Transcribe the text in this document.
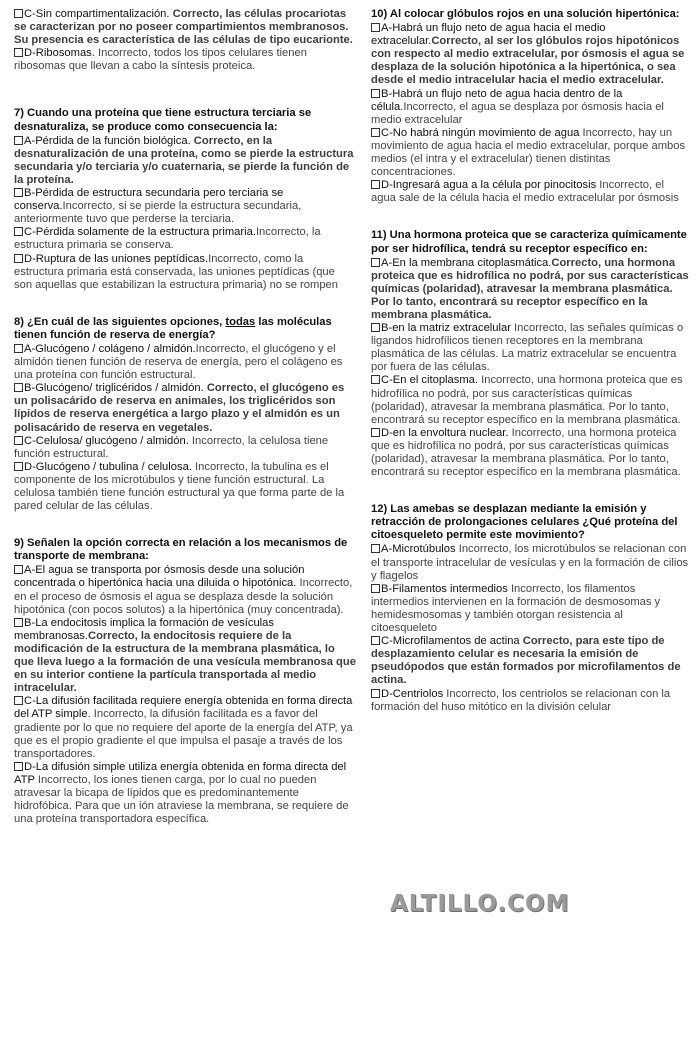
C-Sin compartimentalización. Correcto, las células procariotas se caracterizan por no poseer compartimientos membranosos. Su presencia es característica de las células de tipo eucarionte.
D-Ribosomas. Incorrecto, todos los tipos celulares tienen ribosomas que llevan a cabo la síntesis proteica.
7) Cuando una proteína que tiene estructura terciaria se desnaturaliza, se produce como consecuencia la:
A-Pérdida de la función biológica. Correcto, en la desnaturalización de una proteína, como se pierde la estructura secundaria y/o terciaria y/o cuaternaria, se pierde la función de la proteína.
B-Pérdida de estructura secundaria pero terciaria se conserva.Incorrecto, si se pierde la estructura secundaria, anteriormente tuvo que perderse la terciaria.
C-Pérdida solamente de la estructura primaria.Incorrecto, la estructura primaria se conserva.
D-Ruptura de las uniones peptídicas.Incorrecto, como la estructura primaria está conservada, las uniones peptídicas (que son aquellas que estabilizan la estructura primaria) no se rompen
8) ¿En cuál de las siguientes opciones, todas las moléculas tienen función de reserva de energía?
A-Glucógeno / colágeno / almidón.Incorrecto, el glucógeno y el almidón tienen función de reserva de energía, pero el colágeno es una proteína con función estructural.
B-Glucógeno/ triglicéridos / almidón. Correcto, el glucógeno es un polisacárido de reserva en animales, los triglicéridos son lípidos de reserva energética a largo plazo y el almidón es un polisacárido de reserva en vegetales.
C-Celulosa/ glucógeno / almidón. Incorrecto, la celulosa tiene función estructural.
D-Glucógeno / tubulina / celulosa. Incorrecto, la tubulina es el componente de los microtúbulos y tiene función estructural. La celulosa también tiene función estructural ya que forma parte de la pared celular de las células.
9) Señalen la opción correcta en relación a los mecanismos de transporte de membrana:
A-El agua se transporta por ósmosis desde una solución concentrada o hipertónica hacia una diluida o hipotónica. Incorrecto, en el proceso de ósmosis el agua se desplaza desde la solución hipotónica (con pocos solutos) a la hipertónica (muy concentrada).
B-La endocitosis implica la formación de vesículas membranosas.Correcto, la endocitosis requiere de la modificación de la estructura de la membrana plasmática, lo que lleva luego a la formación de una vesícula membranosa que en su interior contiene la partícula transportada al medio intracelular.
C-La difusión facilitada requiere energía obtenida en forma directa del ATP simple. Incorrecto, la difusión facilitada es a favor del gradiente por lo que no requiere del aporte de la energía del ATP, ya que es el propio gradiente el que impulsa el pasaje a través de los transportadores.
D-La difusión simple utiliza energía obtenida en forma directa del ATP Incorrecto, los iones tienen carga, por lo cual no pueden atravesar la bicapa de lípidos que es predominantemente hidrofóbica. Para que un ión atraviese la membrana, se requiere de una proteína transportadora específica.
10) Al colocar glóbulos rojos en una solución hipertónica:
A-Habrá un flujo neto de agua hacia el medio extracelular.Correcto, al ser los glóbulos rojos hipotónicos con respecto al medio extracelular, por ósmosis el agua se desplaza de la solución hipotónica a la hipertónica, o sea desde el medio intracelular hacia el medio extracelular.
B-Habrá un flujo neto de agua hacia dentro de la célula.Incorrecto, el agua se desplaza por ósmosis hacia el medio extracelular
C-No habrá ningún movimiento de agua Incorrecto, hay un movimiento de agua hacia el medio extracelular, porque ambos medios (el intra y el extracelular) tienen distintas concentraciones.
D-Ingresará agua a la célula por pinocitosis Incorrecto, el agua sale de la célula hacia el medio extracelular por ósmosis
11) Una hormona proteica que se caracteriza químicamente por ser hidrofílica, tendrá su receptor específico en:
A-En la membrana citoplasmática.Correcto, una hormona proteica que es hidrofílica no podrá, por sus características químicas (polaridad), atravesar la membrana plasmática. Por lo tanto, encontrará su receptor específico en la membrana plasmática.
B-en la matriz extracelular Incorrecto, las señales químicas o ligandos hidrofílicos tienen receptores en la membrana plasmática de las células. La matriz extracelular se encuentra por fuera de las células.
C-En el citoplasma. Incorrecto, una hormona proteica que es hidrofílica no podrá, por sus características químicas (polaridad), atravesar la membrana plasmática. Por lo tanto, encontrará su receptor específico en la membrana plasmática.
D-en la envoltura nuclear. Incorrecto, una hormona proteica que es hidrofílica no podrá, por sus características químicas (polaridad), atravesar la membrana plasmática. Por lo tanto, encontrará su receptor específico en la membrana plasmática.
12) Las amebas se desplazan mediante la emisión y retracción de prolongaciones celulares ¿Qué proteína del citoesqueleto permite este movimiento?
A-Microtúbulos Incorrecto, los microtúbulos se relacionan con el transporte intracelular de vesículas y en la formación de cilios y flagelos
B-Filamentos intermedios Incorrecto, los filamentos intermedios intervienen en la formación de desmosomas y hemidesmosomas y también otorgan resistencia al citoesqueleto
C-Microfilamentos de actina Correcto, para este tipo de desplazamiento celular es necesaria la emisión de pseudópodos que están formados por microfilamentos de actina.
D-Centriolos Incorrecto, los centriolos se relacionan con la formación del huso mitótico en la división celular
ALTILLO.COM
